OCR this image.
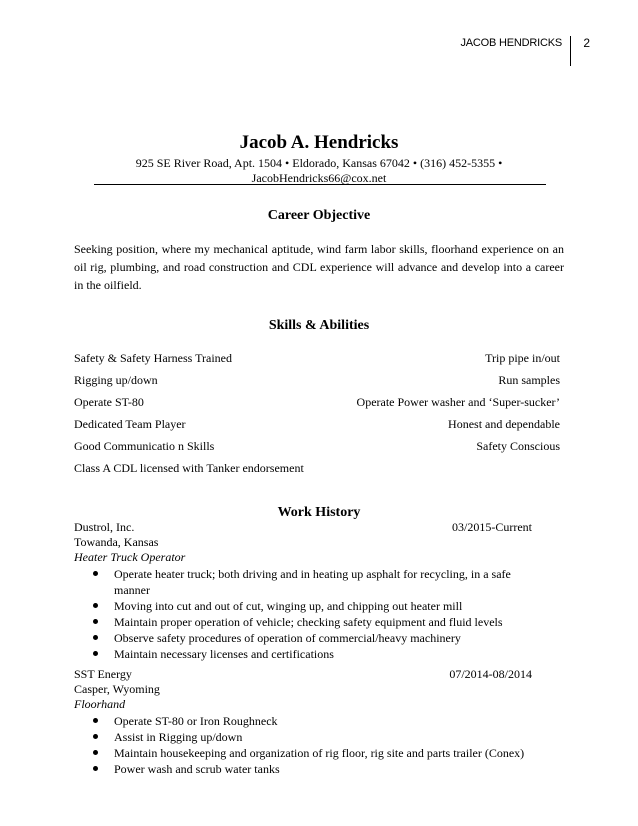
JACOB HENDRICKS	2
Jacob A. Hendricks
925 SE River Road, Apt. 1504 • Eldorado, Kansas 67042 • (316) 452-5355 •
JacobHendricks66@cox.net
Career Objective
Seeking position, where my mechanical aptitude, wind farm labor skills, floorhand experience on an oil rig, plumbing, and road construction and CDL experience will advance and develop into a career in the oilfield.
Skills & Abilities
Safety & Safety Harness Trained	Trip pipe in/out
Rigging up/down	Run samples
Operate ST-80	Operate Power washer and ‘Super-sucker’
Dedicated Team Player	Honest and dependable
Good Communicatio n Skills	Safety Conscious
Class A CDL licensed with Tanker endorsement
Work History
Dustrol, Inc.	03/2015-Current
Towanda, Kansas
Heater Truck Operator
Operate heater truck; both driving and in heating up asphalt for recycling, in a safe manner
Moving into cut and out of cut, winging up, and chipping out heater mill
Maintain proper operation of vehicle; checking safety equipment and fluid levels
Observe safety procedures of operation of commercial/heavy machinery
Maintain necessary licenses and certifications
SST Energy	07/2014-08/2014
Casper, Wyoming
Floorhand
Operate ST-80 or Iron Roughneck
Assist in Rigging up/down
Maintain housekeeping and organization of rig floor, rig site and parts trailer (Conex)
Power wash and scrub water tanks
